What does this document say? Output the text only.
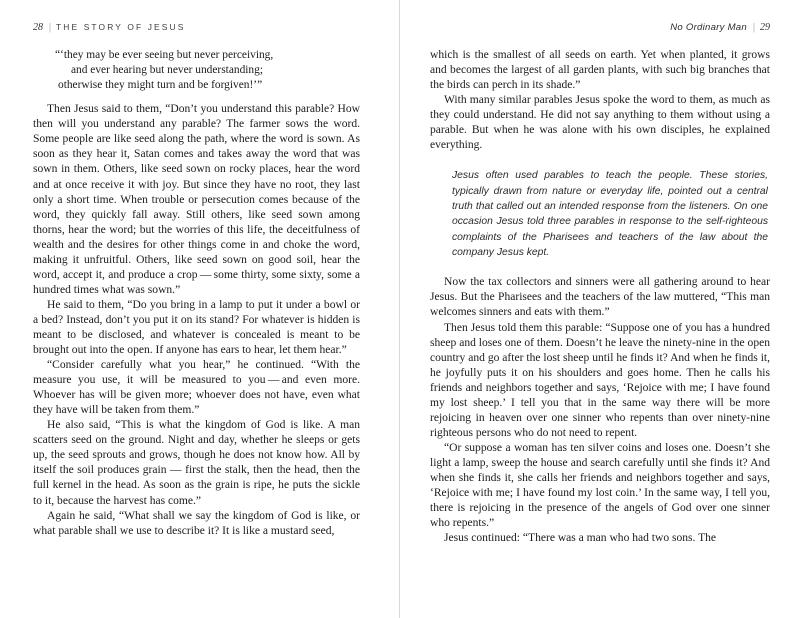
28 | THE STORY OF JESUS
“‘they may be ever seeing but never perceiving,
and ever hearing but never understanding;
otherwise they might turn and be forgiven!’”

Then Jesus said to them, “Don’t you understand this parable? How then will you understand any parable? The farmer sows the word. Some people are like seed along the path, where the word is sown. As soon as they hear it, Satan comes and takes away the word that was sown in them. Others, like seed sown on rocky places, hear the word and at once receive it with joy. But since they have no root, they last only a short time. When trouble or persecution comes because of the word, they quickly fall away. Still others, like seed sown among thorns, hear the word; but the worries of this life, the deceitfulness of wealth and the desires for other things come in and choke the word, making it unfruitful. Others, like seed sown on good soil, hear the word, accept it, and produce a crop — some thirty, some sixty, some a hundred times what was sown.”

He said to them, “Do you bring in a lamp to put it under a bowl or a bed? Instead, don’t you put it on its stand? For whatever is hidden is meant to be disclosed, and whatever is concealed is meant to be brought out into the open. If anyone has ears to hear, let them hear.”

“Consider carefully what you hear,” he continued. “With the measure you use, it will be measured to you — and even more. Whoever has will be given more; whoever does not have, even what they have will be taken from them.”

He also said, “This is what the kingdom of God is like. A man scatters seed on the ground. Night and day, whether he sleeps or gets up, the seed sprouts and grows, though he does not know how. All by itself the soil produces grain — first the stalk, then the head, then the full kernel in the head. As soon as the grain is ripe, he puts the sickle to it, because the harvest has come.”

Again he said, “What shall we say the kingdom of God is like, or what parable shall we use to describe it? It is like a mustard seed,

No Ordinary Man | 29

which is the smallest of all seeds on earth. Yet when planted, it grows and becomes the largest of all garden plants, with such big branches that the birds can perch in its shade.”

With many similar parables Jesus spoke the word to them, as much as they could understand. He did not say anything to them without using a parable. But when he was alone with his own disciples, he explained everything.

Jesus often used parables to teach the people. These stories, typically drawn from nature or everyday life, pointed out a central truth that called out an intended response from the listeners. On one occasion Jesus told three parables in response to the self-righteous complaints of the Pharisees and teachers of the law about the company Jesus kept.

Now the tax collectors and sinners were all gathering around to hear Jesus. But the Pharisees and the teachers of the law muttered, “This man welcomes sinners and eats with them.”

Then Jesus told them this parable: “Suppose one of you has a hundred sheep and loses one of them. Doesn’t he leave the ninety-nine in the open country and go after the lost sheep until he finds it? And when he finds it, he joyfully puts it on his shoulders and goes home. Then he calls his friends and neighbors together and says, ‘Rejoice with me; I have found my lost sheep.’ I tell you that in the same way there will be more rejoicing in heaven over one sinner who repents than over ninety-nine righteous persons who do not need to repent.

“Or suppose a woman has ten silver coins and loses one. Doesn’t she light a lamp, sweep the house and search carefully until she finds it? And when she finds it, she calls her friends and neighbors together and says, ‘Rejoice with me; I have found my lost coin.’ In the same way, I tell you, there is rejoicing in the presence of the angels of God over one sinner who repents.”

Jesus continued: “There was a man who had two sons. The
